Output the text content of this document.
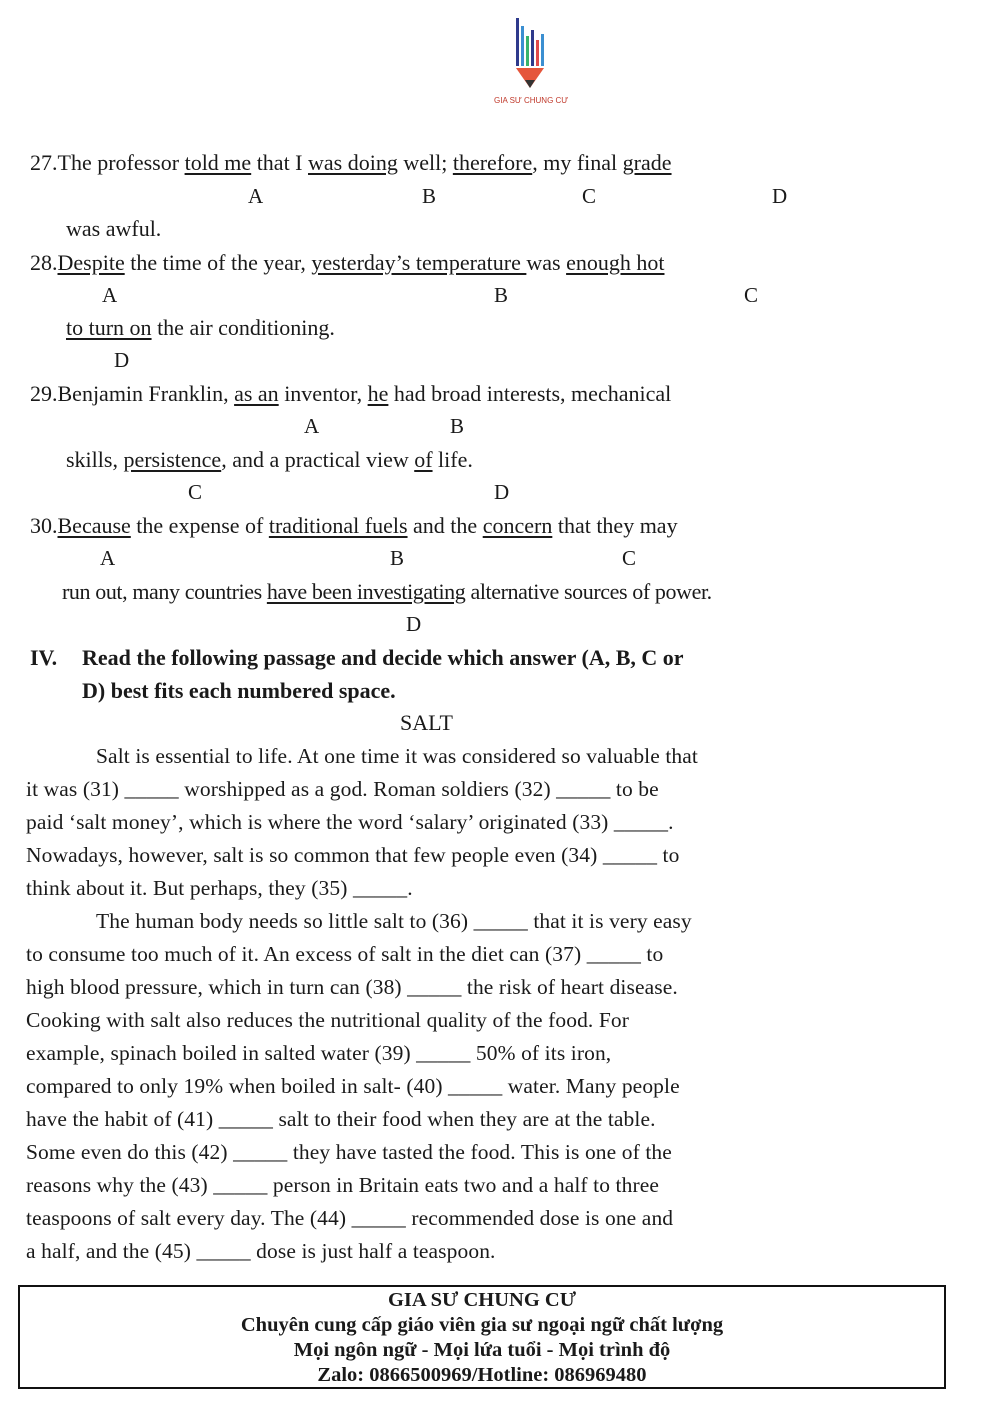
GIA SƯ CHUNG CƯ
27.The professor told me that I was doing well; therefore, my final grade
A	B	C	D
was awful.
28.Despite the time of the year, yesterday’s temperature was enough hot
A	B	C
to turn on the air conditioning.
D
29.Benjamin Franklin, as an inventor, he had broad interests, mechanical
A	B
skills, persistence, and a practical view of life.
C	D
30.Because the expense of traditional fuels and the concern that they may
A	B	C
run out, many countries have been investigating alternative sources of power.
D
IV. Read the following passage and decide which answer (A, B, C or
D) best fits each numbered space.
SALT
Salt is essential to life. At one time it was considered so valuable that
it was (31) _____ worshipped as a god. Roman soldiers (32) _____ to be
paid ‘salt money’, which is where the word ‘salary’ originated (33) _____.
Nowadays, however, salt is so common that few people even (34) _____ to
think about it. But perhaps, they (35) _____.
The human body needs so little salt to (36) _____ that it is very easy
to consume too much of it. An excess of salt in the diet can (37) _____ to
high blood pressure, which in turn can (38) _____ the risk of heart disease.
Cooking with salt also reduces the nutritional quality of the food. For
example, spinach boiled in salted water (39) _____ 50% of its iron,
compared to only 19% when boiled in salt- (40) _____ water. Many people
have the habit of (41) _____ salt to their food when they are at the table.
Some even do this (42) _____ they have tasted the food. This is one of the
reasons why the (43) _____ person in Britain eats two and a half to three
teaspoons of salt every day. The (44) _____ recommended dose is one and
a half, and the (45) _____ dose is just half a teaspoon.
GIA SƯ CHUNG CƯ
Chuyên cung cấp giáo viên gia sư ngoại ngữ chất lượng
Mọi ngôn ngữ - Mọi lứa tuổi - Mọi trình độ
Zalo: 0866500969/Hotline: 086969480
